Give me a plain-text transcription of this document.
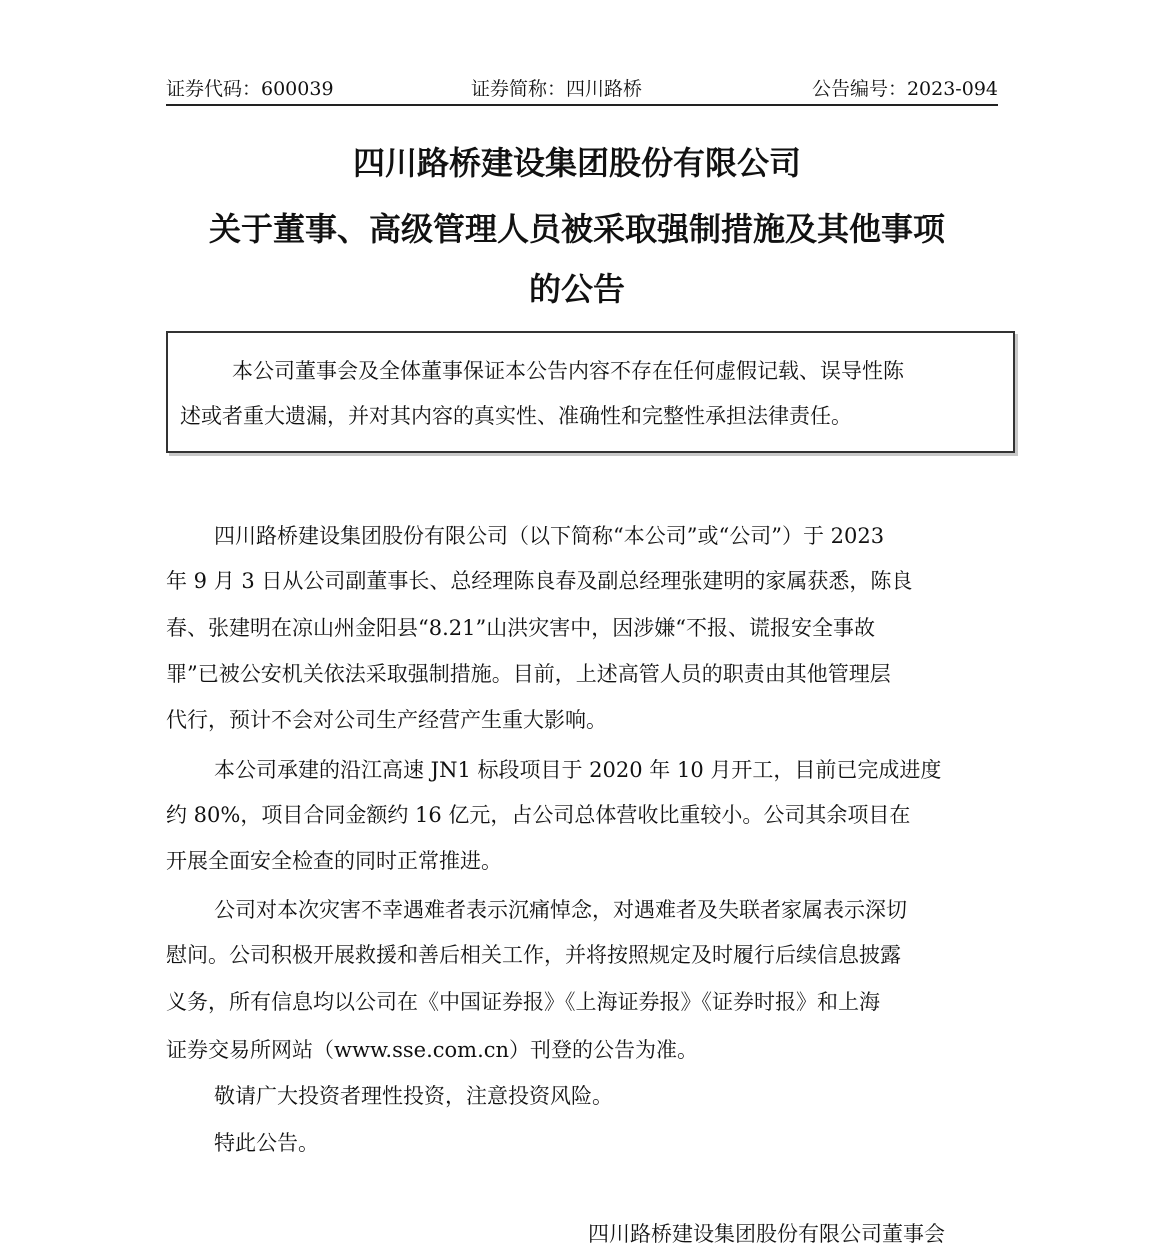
证券代码：600039	证券简称：四川路桥	公告编号：2023-094
四川路桥建设集团股份有限公司
关于董事、高级管理人员被采取强制措施及其他事项
的公告
本公司董事会及全体董事保证本公告内容不存在任何虚假记载、误导性陈
述或者重大遗漏，并对其内容的真实性、准确性和完整性承担法律责任。
四川路桥建设集团股份有限公司（以下简称“本公司”或“公司”）于 2023
年 9 月 3 日从公司副董事长、总经理陈良春及副总经理张建明的家属获悉，陈良
春、张建明在凉山州金阳县“8.21”山洪灾害中，因涉嫌“不报、谎报安全事故
罪”已被公安机关依法采取强制措施。目前，上述高管人员的职责由其他管理层
代行，预计不会对公司生产经营产生重大影响。
本公司承建的沿江高速 JN1 标段项目于 2020 年 10 月开工，目前已完成进度
约 80%，项目合同金额约 16 亿元，占公司总体营收比重较小。公司其余项目在
开展全面安全检查的同时正常推进。
公司对本次灾害不幸遇难者表示沉痛悼念，对遇难者及失联者家属表示深切
慰问。公司积极开展救援和善后相关工作，并将按照规定及时履行后续信息披露
义务，所有信息均以公司在《中国证券报》《上海证券报》《证券时报》和上海
证券交易所网站（www.sse.com.cn）刊登的公告为准。
敬请广大投资者理性投资，注意投资风险。
特此公告。
四川路桥建设集团股份有限公司董事会
